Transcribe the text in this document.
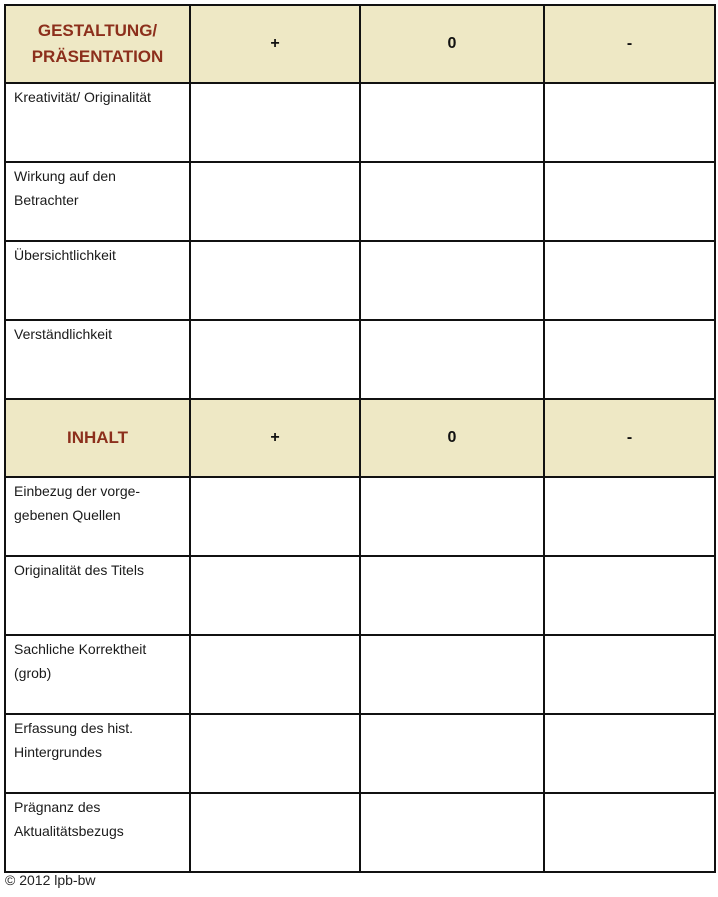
GESTALTUNG/
PRÄSENTATION	+	0	-

Kreativität/ Originalität			

Wirkung auf den
Betrachter			

Übersichtlichkeit			

Verständlichkeit			

INHALT	+	0	-

Einbezug der vorge-
gebenen Quellen			

Originalität des Titels			

Sachliche Korrektheit
(grob)			

Erfassung des hist.
Hintergrundes			

Prägnanz des
Aktualitätsbezugs			

© 2012 lpb-bw
